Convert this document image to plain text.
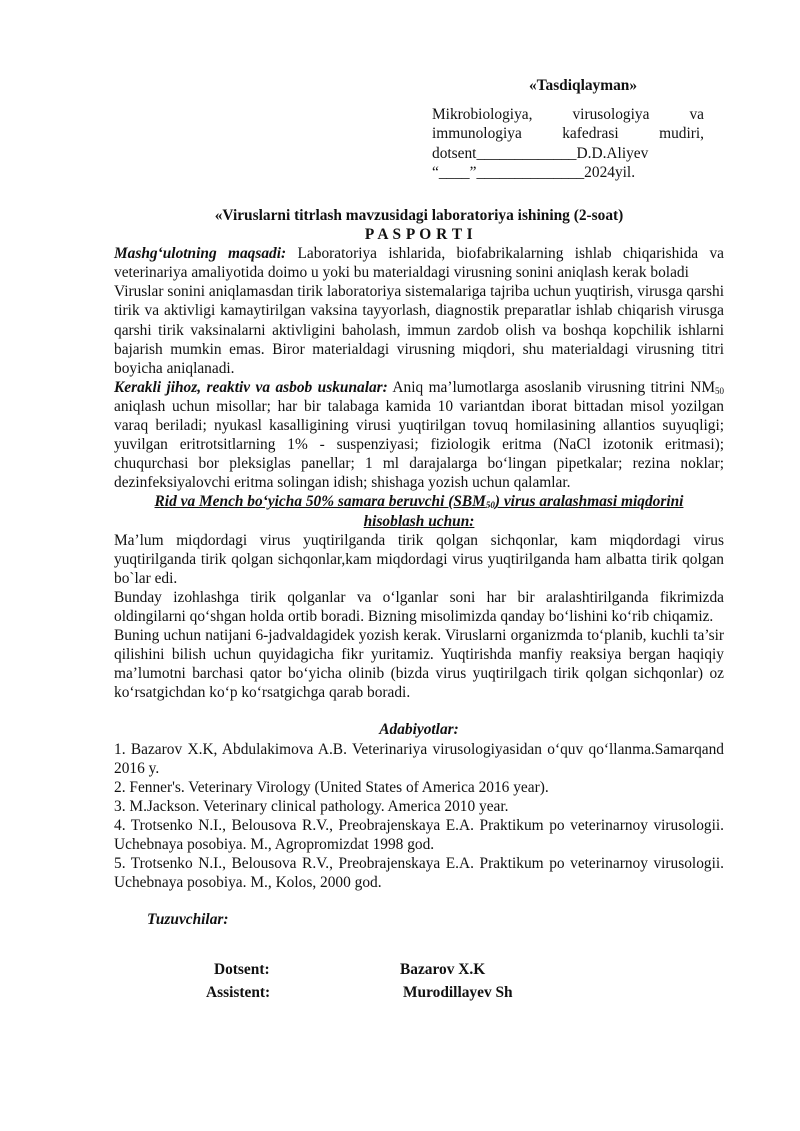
«Tasdiqlayman»
Mikrobiologiya, virusologiya va
immunologiya kafedrasi mudiri,
dotsent_____________D.D.Aliyev
“____”______________2024yil.

«Viruslarni titrlash mavzusidagi laboratoriya ishining (2-soat)

P A S P O R T I

Mashg‘ulotning maqsadi: Laboratoriya ishlarida, biofabrikalarning ishlab chiqarishida va veterinariya amaliyotida doimo u yoki bu materialdagi virusning sonini aniqlash kerak boladi

Viruslar sonini aniqlamasdan tirik laboratoriya sistemalariga tajriba uchun yuqtirish, virusga qarshi tirik va aktivligi kamaytirilgan vaksina tayyorlash, diagnostik preparatlar ishlab chiqarish virusga qarshi tirik vaksinalarni aktivligini baholash, immun zardob olish va boshqa kopchilik ishlarni bajarish mumkin emas. Biror materialdagi virusning miqdori, shu materialdagi virusning titri boyicha aniqlanadi.

Kerakli jihoz, reaktiv va asbob uskunalar: Aniq ma’lumotlarga asoslanib virusning titrini $NM_{50}$ aniqlash uchun misollar; har bir talabaga kamida 10 variantdan iborat bittadan misol yozilgan varaq beriladi; nyukasl kasalligining virusi yuqtirilgan tovuq homilasining allantios suyuqligi; yuvilgan eritrotsitlarning 1% - suspenziyasi; fiziologik eritma (NaCl izotonik eritmasi); chuqurchasi bor pleksiglas panellar; 1 ml darajalarga bo‘lingan pipetkalar; rezina noklar; dezinfeksiyalovchi eritma solingan idish; shishaga yozish uchun qalamlar.

Rid va Mench bo‘yicha 50% samara beruvchi $(SBM_{50})$ virus aralashmasi miqdorini

hisoblash uchun:

Ma’lum miqdordagi virus yuqtirilganda tirik qolgan sichqonlar, kam miqdordagi virus yuqtirilganda tirik qolgan sichqonlar,kam miqdordagi virus yuqtirilganda ham albatta tirik qolgan bo`lar edi.

Bunday izohlashga tirik qolganlar va o‘lganlar soni har bir aralashtirilganda fikrimizda oldingilarni qo‘shgan holda ortib boradi. Bizning misolimizda qanday bo‘lishini ko‘rib chiqamiz.

Buning uchun natijani 6-jadvaldagidek yozish kerak. Viruslarni organizmda to‘planib, kuchli ta’sir qilishini bilish uchun quyidagicha fikr yuritamiz. Yuqtirishda manfiy reaksiya bergan haqiqiy ma’lumotni barchasi qator bo‘yicha olinib (bizda virus yuqtirilgach tirik qolgan sichqonlar) oz ko‘rsatgichdan ko‘p ko‘rsatgichga qarab boradi.

Adabiyotlar:

1. Bazarov X.K, Abdulakimova A.B. Veterinariya virusologiyasidan o‘quv qo‘llanma.Samarqand 2016 y.

2. Fenner's. Veterinary Virology (United States of America 2016 year).

3. M.Jackson. Veterinary clinical pathology. America 2010 year.

4. Trotsenko N.I., Belousova R.V., Preobrajenskaya E.A. Praktikum po veterinarnoy virusologii. Uchebnaya posobiya. M., Agropromizdat 1998 god.

5. Trotsenko N.I., Belousova R.V., Preobrajenskaya E.A. Praktikum po veterinarnoy virusologii. Uchebnaya posobiya. M., Kolos, 2000 god.

Tuzuvchilar:
Dotsent:	Bazarov X.K
Assistent:	Murodillayev Sh
